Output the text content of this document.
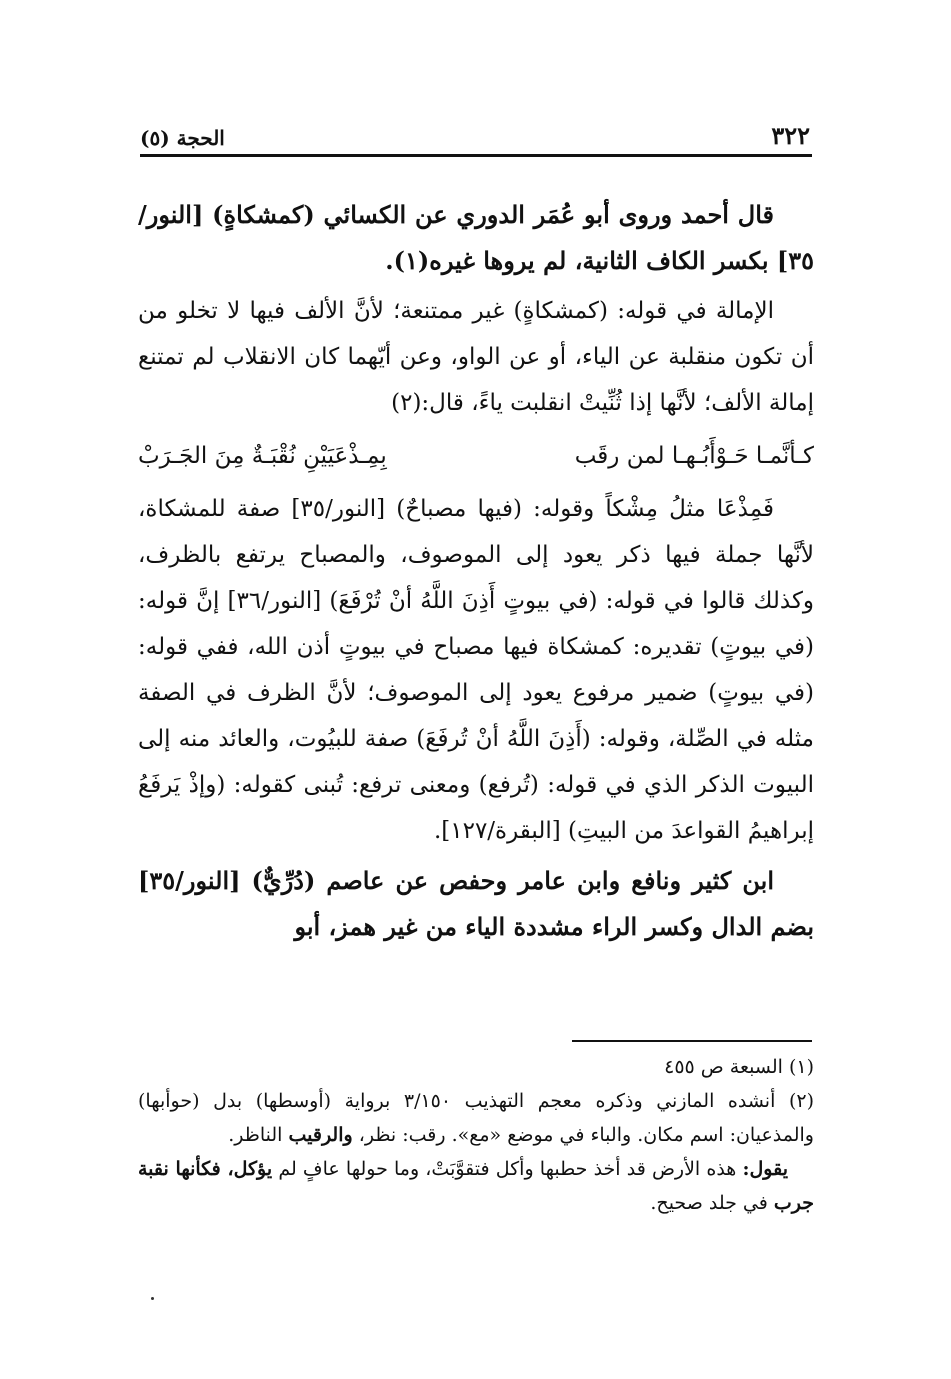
٣٢٢
الحجة (٥)

قال أحمد وروى أبو عُمَر الدوري عن الكسائي (كمشكاةٍ) [النور/٣٥] بكسر الكاف الثانية، لم يروها غيره(١).

الإمالة في قوله: (كمشكاةٍ) غير ممتنعة؛ لأنَّ الألف فيها لا تخلو من أن تكون منقلبة عن الياء، أو عن الواو، وعن أيّهما كان الانقلاب لم تمتنع إمالة الألف؛ لأنَّها إذا ثُنِّيتْ انقلبت ياءً، قال:(٢)

كـأنَّمـا حَـوْأَبُـهـا لمن رقَب
بِمِـذْعَيَيْنِ نُقْبَـةٌ مِنَ الجَـرَبْ

فَمِذْعَا مثلُ مِشْكاً وقوله: (فيها مصباحٌ) [النور/٣٥] صفة للمشكاة، لأنَّها جملة فيها ذكر يعود إلى الموصوف، والمصباح يرتفع بالظرف، وكذلك قالوا في قوله: (في بيوتٍ أَذِنَ اللَّهُ أنْ تُرْفَعَ) [النور/٣٦] إنَّ قوله: (في بيوتٍ) تقديره: كمشكاة فيها مصباح في بيوتٍ أذن الله، ففي قوله: (في بيوتٍ) ضمير مرفوع يعود إلى الموصوف؛ لأنَّ الظرف في الصفة مثله في الصِّلة، وقوله: (أَذِنَ اللَّهُ أنْ تُرفَعَ) صفة للبيُوت، والعائد منه إلى البيوت الذكر الذي في قوله: (تُرفع) ومعنى ترفع: تُبنى كقوله: (وإذْ يَرفَعُ إبراهيمُ القواعدَ من البيتِ) [البقرة/١٢٧].

ابن كثير ونافع وابن عامر وحفص عن عاصم (دُرِّيٌّ) [النور/٣٥] بضم الدال وكسر الراء مشددة الياء من غير همز، أبو

(١) السبعة ص ٤٥٥

(٢) أنشده المازني وذكره معجم التهذيب ٣/١٥٠ برواية (أوسطها) بدل (حوأبها) والمذعيان: اسم مكان. والباء في موضع «مع». رقب: نظر، والرقيب الناظر.

يقول: هذه الأرض قد أخذ حطبها وأكل فتقوَّبَتْ، وما حولها عافٍ لم يؤكل، فكأنها نقبة جرب في جلد صحيح.
